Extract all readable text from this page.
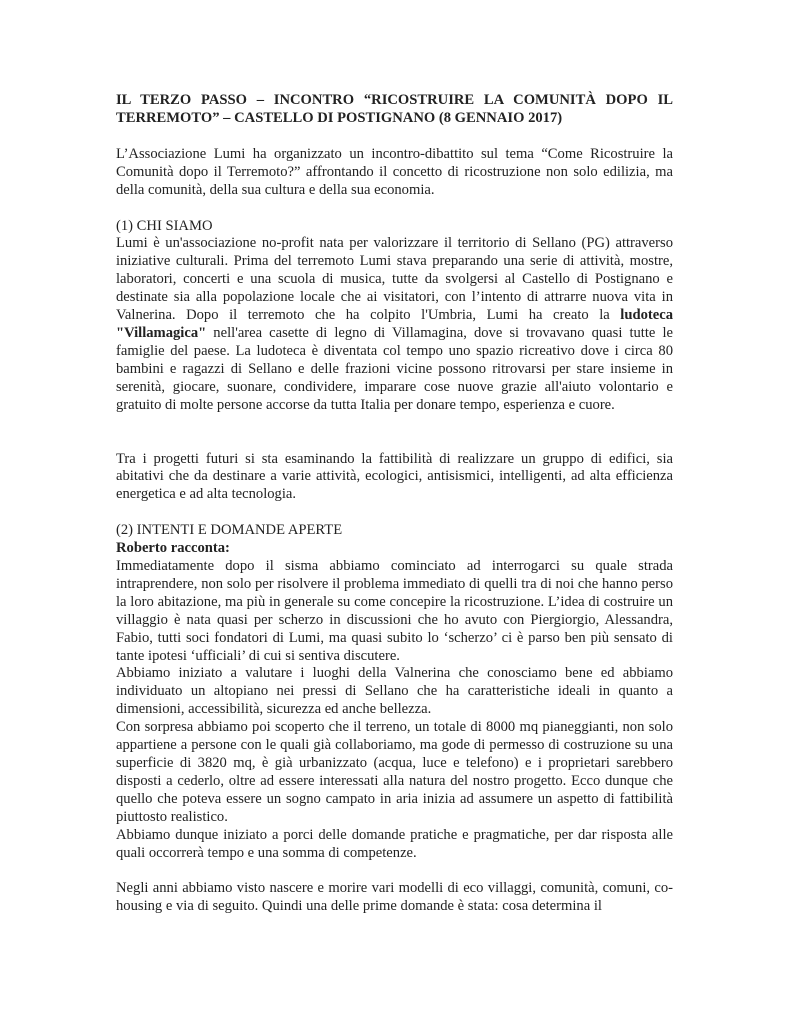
IL TERZO PASSO – INCONTRO “RICOSTRUIRE LA COMUNITÀ DOPO IL TERREMOTO” – CASTELLO DI POSTIGNANO (8 GENNAIO 2017)

L’Associazione Lumi ha organizzato un incontro-dibattito sul tema “Come Ricostruire la Comunità dopo il Terremoto?” affrontando il concetto di ricostruzione non solo edilizia, ma della comunità, della sua cultura e della sua economia.

(1) CHI SIAMO

Lumi è un'associazione no-profit nata per valorizzare il territorio di Sellano (PG) attraverso iniziative culturali. Prima del terremoto Lumi stava preparando una serie di attività, mostre, laboratori, concerti e una scuola di musica, tutte da svolgersi al Castello di Postignano e destinate sia alla popolazione locale che ai visitatori, con l’intento di attrarre nuova vita in Valnerina. Dopo il terremoto che ha colpito l'Umbria, Lumi ha creato la ludoteca "Villamagica" nell'area casette di legno di Villamagina, dove si trovavano quasi tutte le famiglie del paese. La ludoteca è diventata col tempo uno spazio ricreativo dove i circa 80 bambini e ragazzi di Sellano e delle frazioni vicine possono ritrovarsi per stare insieme in serenità, giocare, suonare, condividere, imparare cose nuove grazie all'aiuto volontario e gratuito di molte persone accorse da tutta Italia per donare tempo, esperienza e cuore.

Tra i progetti futuri si sta esaminando la fattibilità di realizzare un gruppo di edifici, sia abitativi che da destinare a varie attività, ecologici, antisismici, intelligenti, ad alta efficienza energetica e ad alta tecnologia.

(2) INTENTI E DOMANDE APERTE

Roberto racconta:

Immediatamente dopo il sisma abbiamo cominciato ad interrogarci su quale strada intraprendere, non solo per risolvere il problema immediato di quelli tra di noi che hanno perso la loro abitazione, ma più in generale su come concepire la ricostruzione. L’idea di costruire un villaggio è nata quasi per scherzo in discussioni che ho avuto con Piergiorgio, Alessandra, Fabio, tutti soci fondatori di Lumi, ma quasi subito lo ‘scherzo’ ci è parso ben più sensato di tante ipotesi ‘ufficiali’ di cui si sentiva discutere.

Abbiamo iniziato a valutare i luoghi della Valnerina che conosciamo bene ed abbiamo individuato un altopiano nei pressi di Sellano che ha caratteristiche ideali in quanto a dimensioni, accessibilità, sicurezza ed anche bellezza.

Con sorpresa abbiamo poi scoperto che il terreno, un totale di 8000 mq pianeggianti, non solo appartiene a persone con le quali già collaboriamo, ma gode di permesso di costruzione su una superficie di 3820 mq, è già urbanizzato (acqua, luce e telefono) e i proprietari sarebbero disposti a cederlo, oltre ad essere interessati alla natura del nostro progetto. Ecco dunque che quello che poteva essere un sogno campato in aria inizia ad assumere un aspetto di fattibilità piuttosto realistico.

Abbiamo dunque iniziato a porci delle domande pratiche e pragmatiche, per dar risposta alle quali occorrerà tempo e una somma di competenze.

Negli anni abbiamo visto nascere e morire vari modelli di eco villaggi, comunità, comuni, co-housing e via di seguito. Quindi una delle prime domande è stata: cosa determina il
